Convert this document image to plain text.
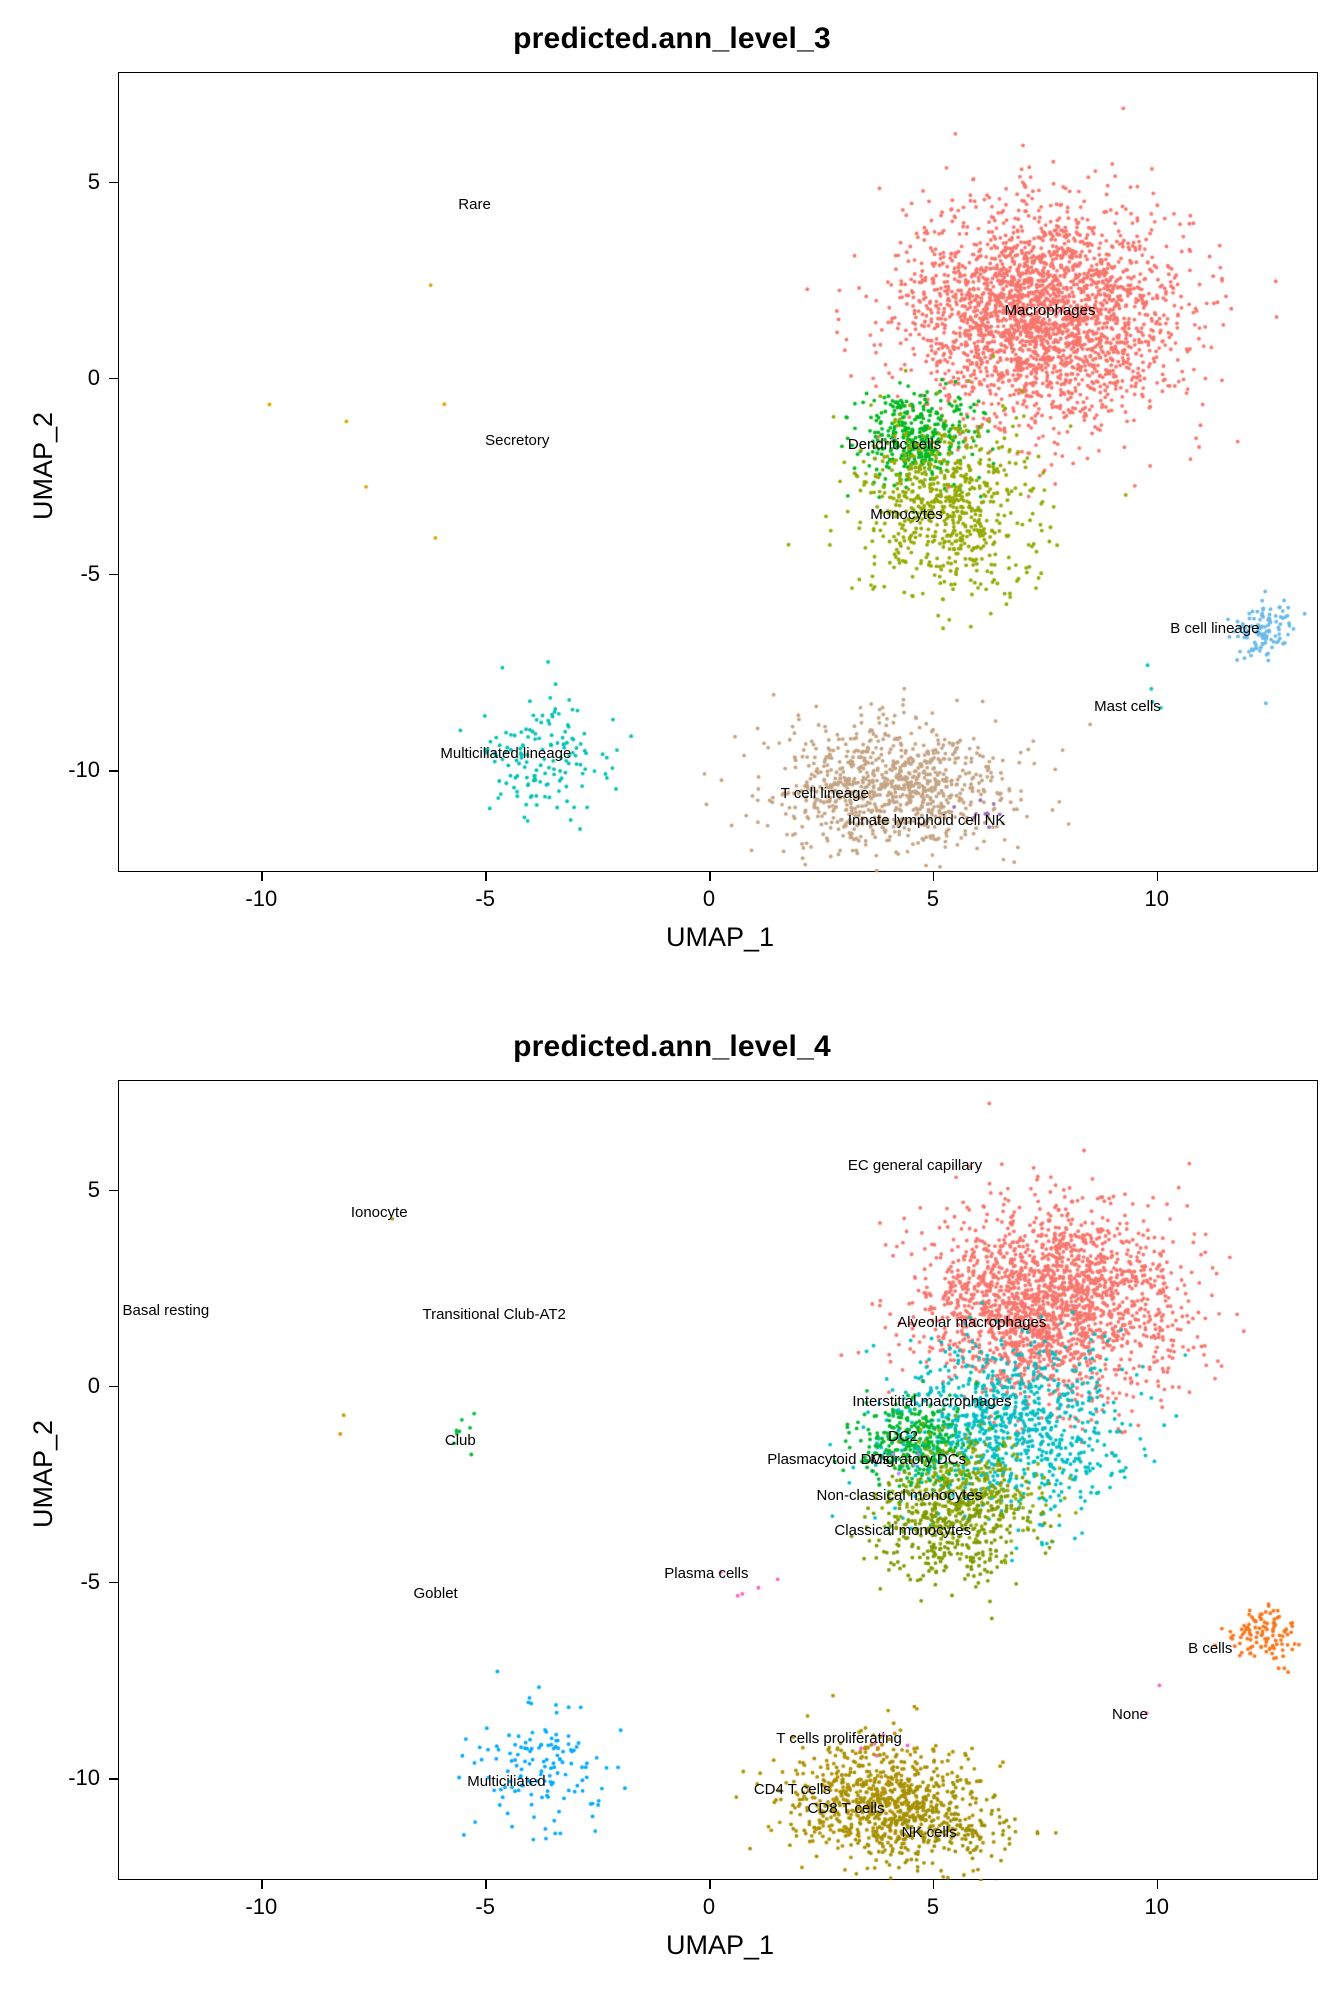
predicted.ann_level_3
UMAP_2
UMAP_1
-10	-5	0	5	10
-10
-5
0
5
Rare
Secretory
Macrophages
Dendritic cells
Monocytes
B cell lineage
Mast cells
Multiciliated lineage
T cell lineage
Innate lymphoid cell NK
predicted.ann_level_4
UMAP_2
UMAP_1
-10	-5	0	5	10
-10
-5
0
5
EC general capillary
Ionocyte
Basal resting	Transitional Club-AT2	Alveolar macrophages
Interstitial macrophages
Club	DC2
Plasmacytoid DCs
Migratory DCs
Non-classical monocytes
Classical monocytes
Plasma cells
Goblet
B cells
None
Multiciliated
T cells proliferating
CD4 T cells
CD8 T cells
NK cells
